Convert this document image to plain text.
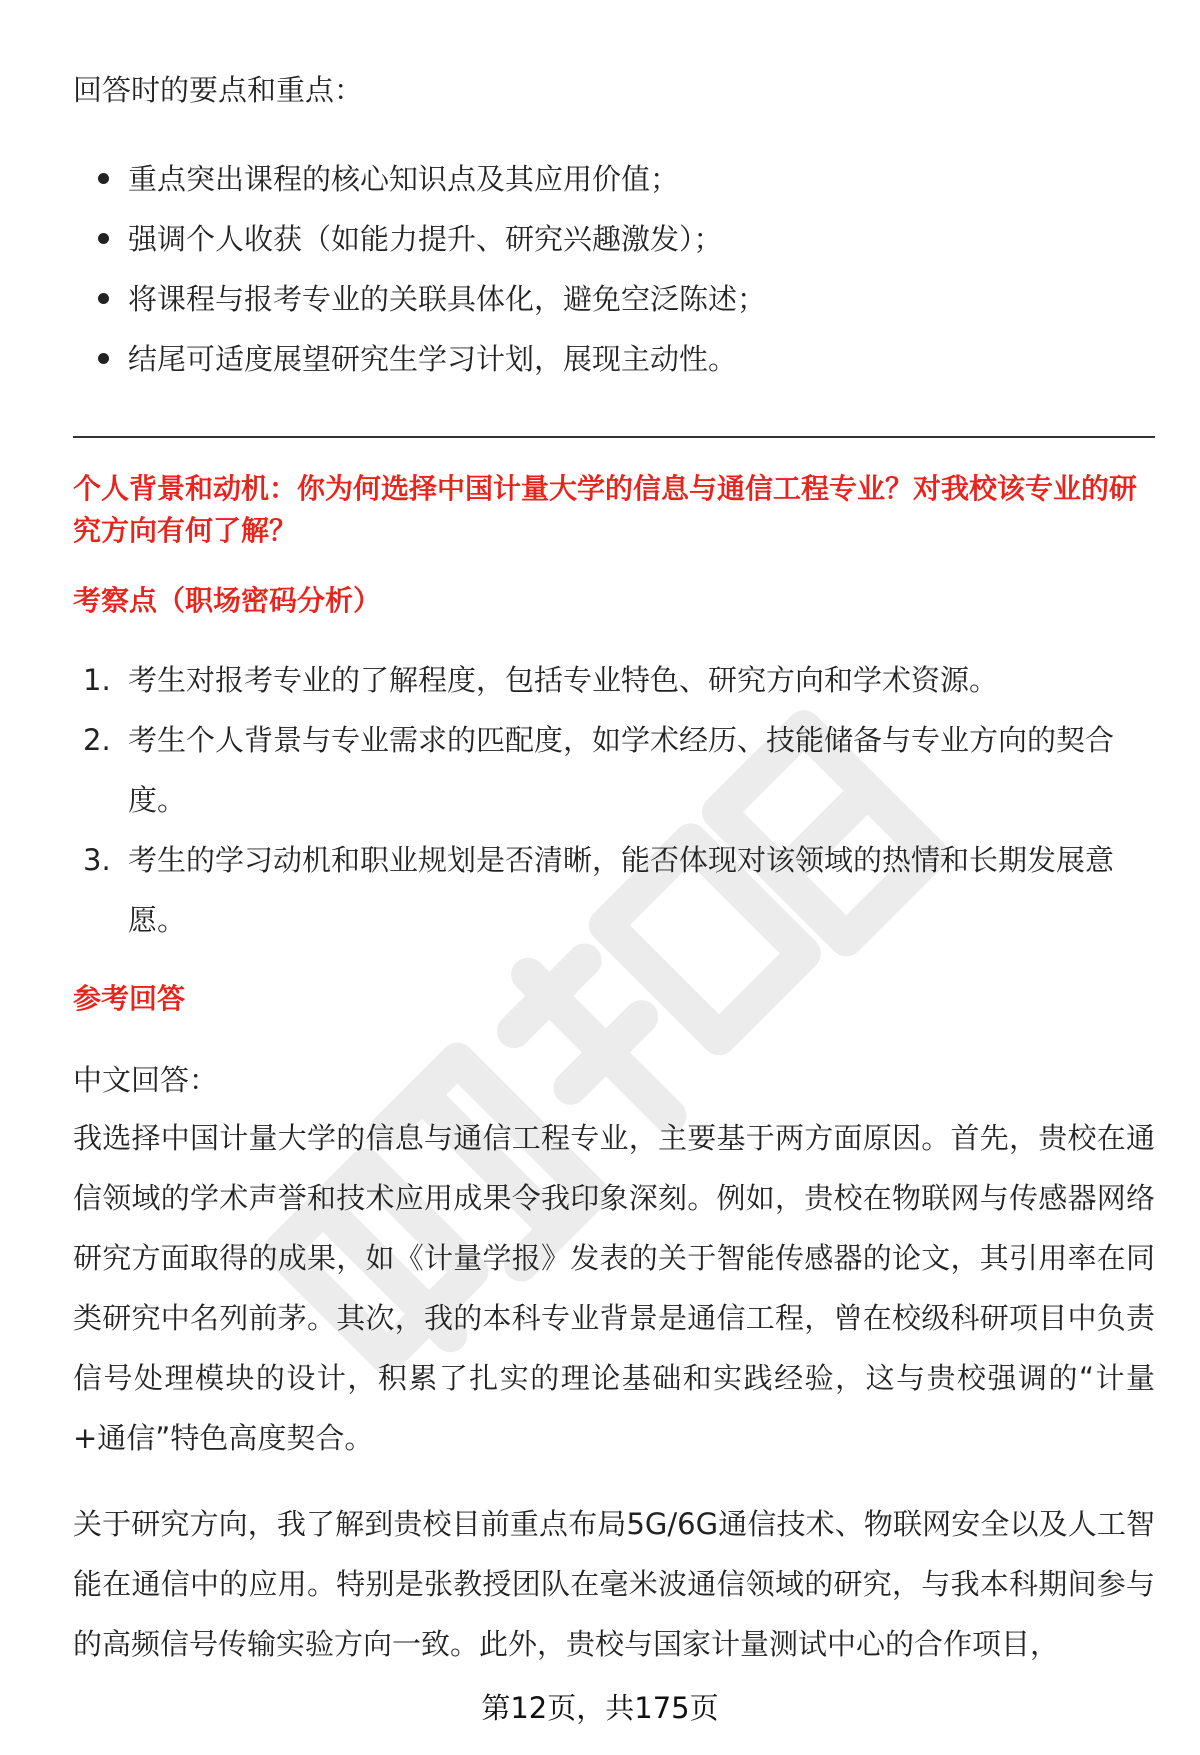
回答时的要点和重点：

重点突出课程的核心知识点及其应用价值；
强调个人收获（如能力提升、研究兴趣激发）；
将课程与报考专业的关联具体化，避免空泛陈述；
结尾可适度展望研究生学习计划，展现主动性。

个人背景和动机：你为何选择中国计量大学的信息与通信工程专业？对我校该专业的研究方向有何了解？

考察点（职场密码分析）

1. 考生对报考专业的了解程度，包括专业特色、研究方向和学术资源。
2. 考生个人背景与专业需求的匹配度，如学术经历、技能储备与专业方向的契合度。
3. 考生的学习动机和职业规划是否清晰，能否体现对该领域的热情和长期发展意愿。

参考回答

中文回答：

我选择中国计量大学的信息与通信工程专业，主要基于两方面原因。首先，贵校在通信领域的学术声誉和技术应用成果令我印象深刻。例如，贵校在物联网与传感器网络研究方面取得的成果，如《计量学报》发表的关于智能传感器的论文，其引用率在同类研究中名列前茅。其次，我的本科专业背景是通信工程，曾在校级科研项目中负责信号处理模块的设计，积累了扎实的理论基础和实践经验，这与贵校强调的“计量+通信”特色高度契合。

关于研究方向，我了解到贵校目前重点布局5G/6G通信技术、物联网安全以及人工智能在通信中的应用。特别是张教授团队在毫米波通信领域的研究，与我本科期间参与的高频信号传输实验方向一致。此外，贵校与国家计量测试中心的合作项目，

第12页，共175页
